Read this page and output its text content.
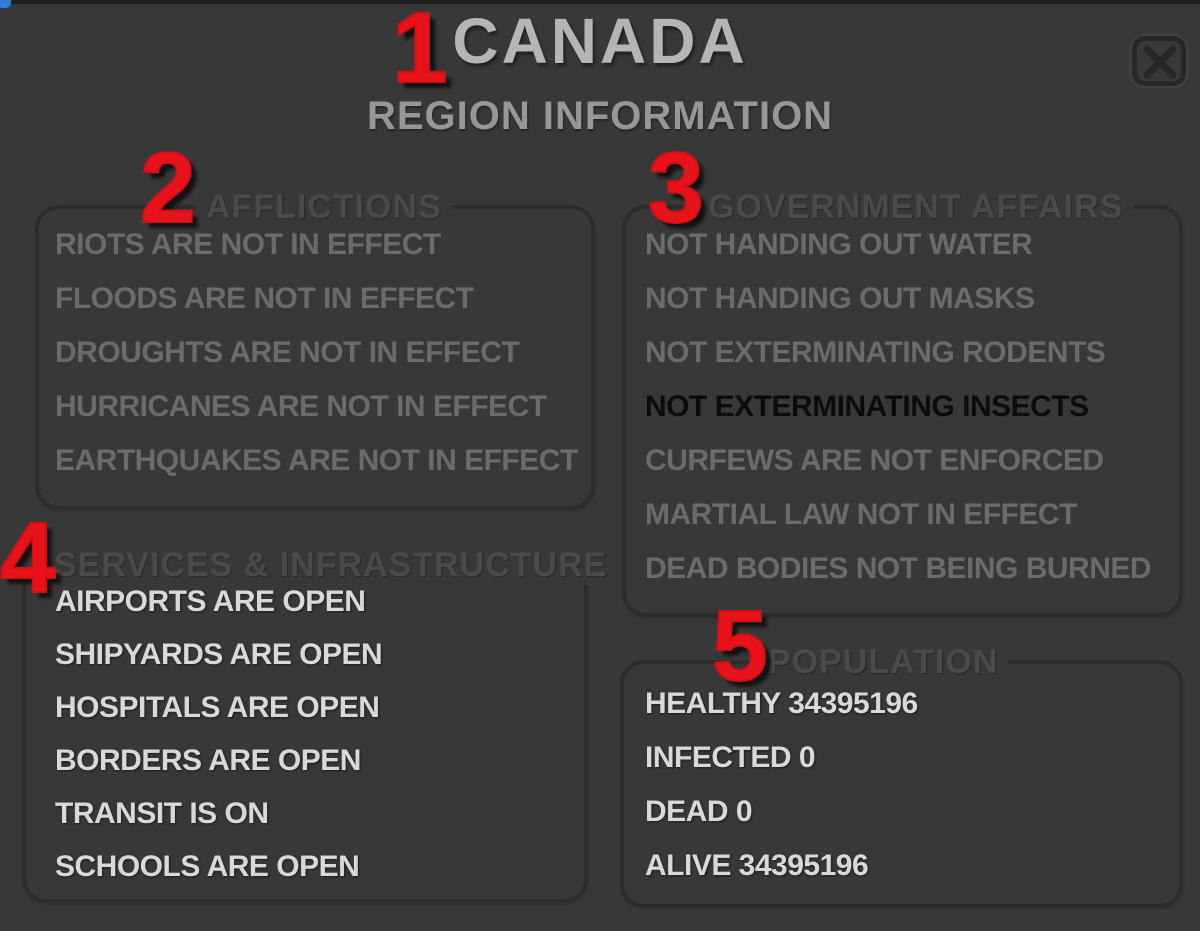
CANADA
REGION INFORMATION
AFFLICTIONS
RIOTS ARE NOT IN EFFECT
FLOODS ARE NOT IN EFFECT
DROUGHTS ARE NOT IN EFFECT
HURRICANES ARE NOT IN EFFECT
EARTHQUAKES ARE NOT IN EFFECT
GOVERNMENT AFFAIRS
NOT HANDING OUT WATER
NOT HANDING OUT MASKS
NOT EXTERMINATING RODENTS
NOT EXTERMINATING INSECTS
CURFEWS ARE NOT ENFORCED
MARTIAL LAW NOT IN EFFECT
DEAD BODIES NOT BEING BURNED
SERVICES & INFRASTRUCTURE
AIRPORTS ARE OPEN
SHIPYARDS ARE OPEN
HOSPITALS ARE OPEN
BORDERS ARE OPEN
TRANSIT IS ON
SCHOOLS ARE OPEN
POPULATION
HEALTHY 34395196
INFECTED 0
DEAD 0
ALIVE 34395196
1
2	3
4
5
